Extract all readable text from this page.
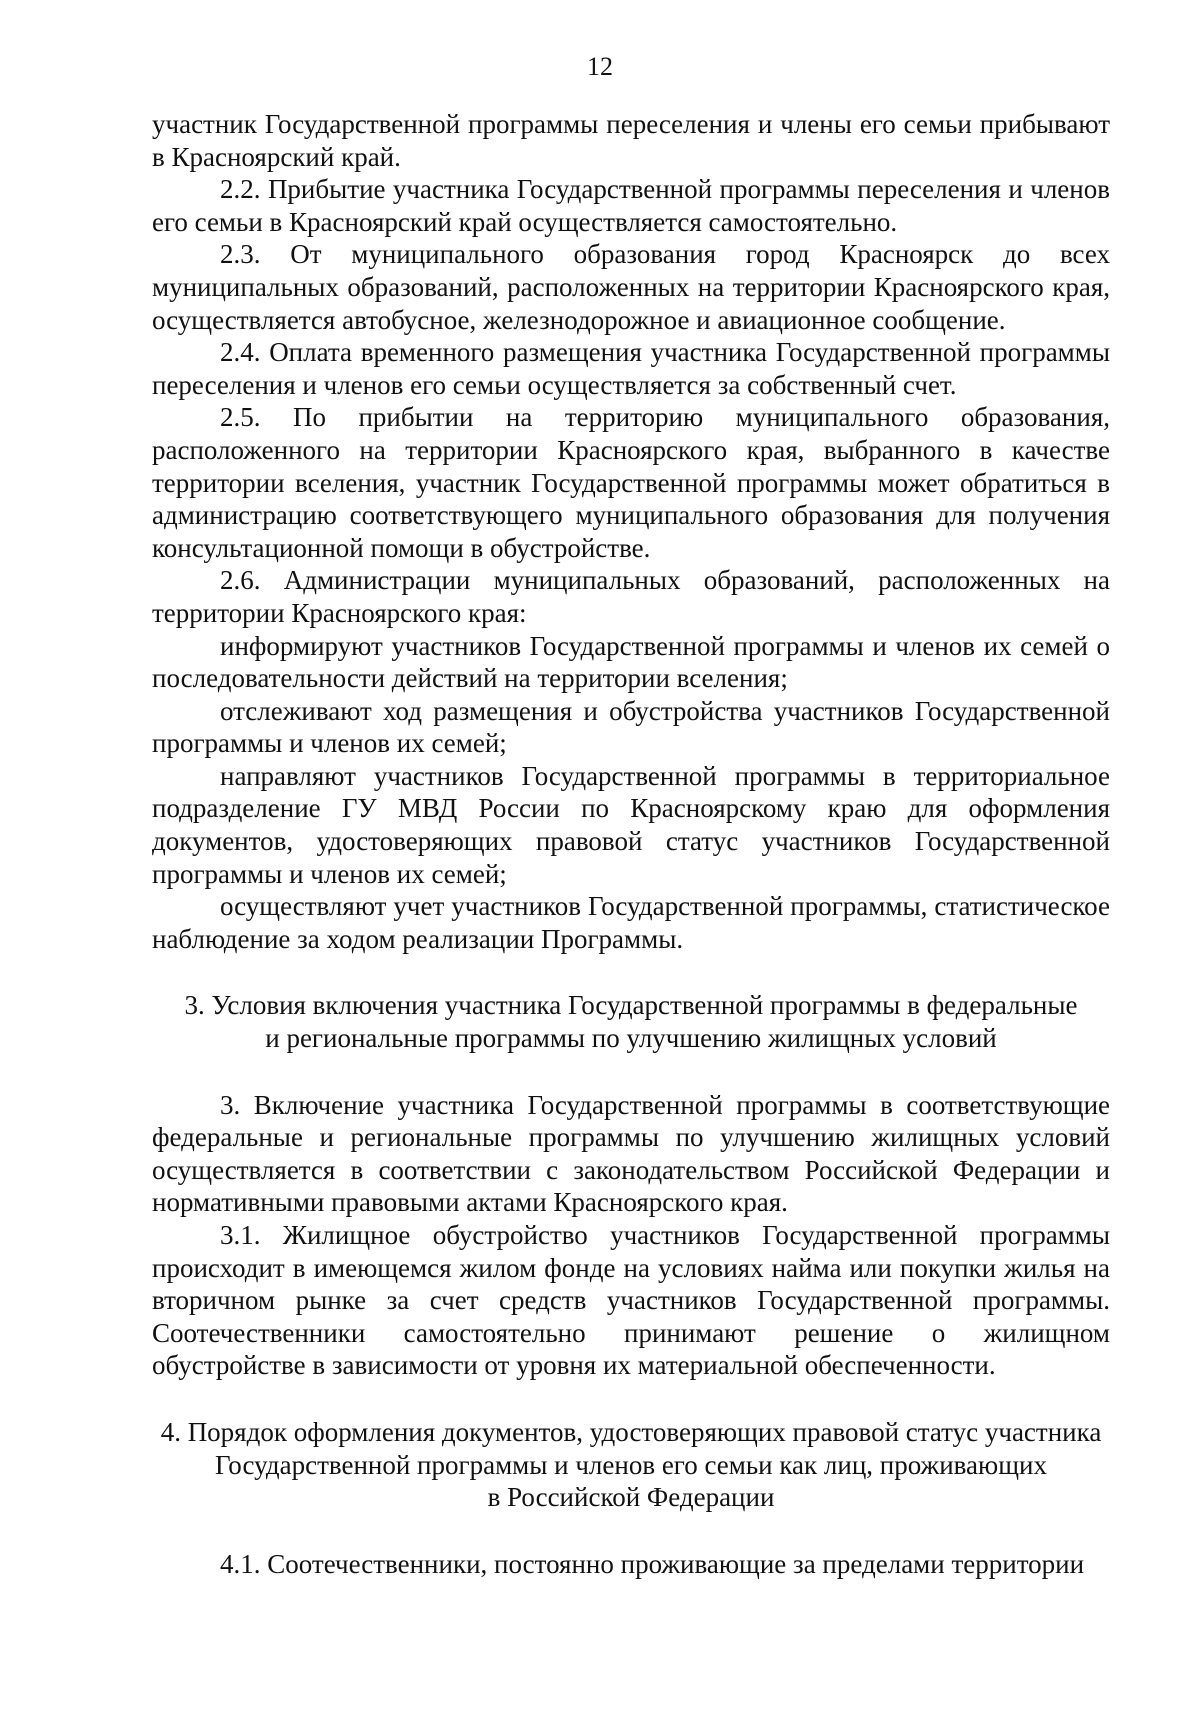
12

участник Государственной программы переселения и члены его семьи прибывают в Красноярский край.

2.2. Прибытие участника Государственной программы переселения и членов его семьи в Красноярский край осуществляется самостоятельно.

2.3. От муниципального образования город Красноярск до всех муниципальных образований, расположенных на территории Красноярского края, осуществляется автобусное, железнодорожное и авиационное сообщение.

2.4. Оплата временного размещения участника Государственной программы переселения и членов его семьи осуществляется за собственный счет.

2.5. По прибытии на территорию муниципального образования, расположенного на территории Красноярского края, выбранного в качестве территории вселения, участник Государственной программы может обратиться в администрацию соответствующего муниципального образования для получения консультационной помощи в обустройстве.

2.6. Администрации муниципальных образований, расположенных на территории Красноярского края:

информируют участников Государственной программы и членов их семей о последовательности действий на территории вселения;

отслеживают ход размещения и обустройства участников Государственной программы и членов их семей;

направляют участников Государственной программы в территориальное подразделение ГУ МВД России по Красноярскому краю для оформления документов, удостоверяющих правовой статус участников Государственной программы и членов их семей;

осуществляют учет участников Государственной программы, статистическое наблюдение за ходом реализации Программы.

3. Условия включения участника Государственной программы в федеральные
и региональные программы по улучшению жилищных условий

3. Включение участника Государственной программы в соответствующие федеральные и региональные программы по улучшению жилищных условий осуществляется в соответствии с законодательством Российской Федерации и нормативными правовыми актами Красноярского края.

3.1. Жилищное обустройство участников Государственной программы происходит в имеющемся жилом фонде на условиях найма или покупки жилья на вторичном рынке за счет средств участников Государственной программы. Соотечественники самостоятельно принимают решение о жилищном обустройстве в зависимости от уровня их материальной обеспеченности.

4. Порядок оформления документов, удостоверяющих правовой статус участника
Государственной программы и членов его семьи как лиц, проживающих
в Российской Федерации

4.1. Соотечественники, постоянно проживающие за пределами территории
